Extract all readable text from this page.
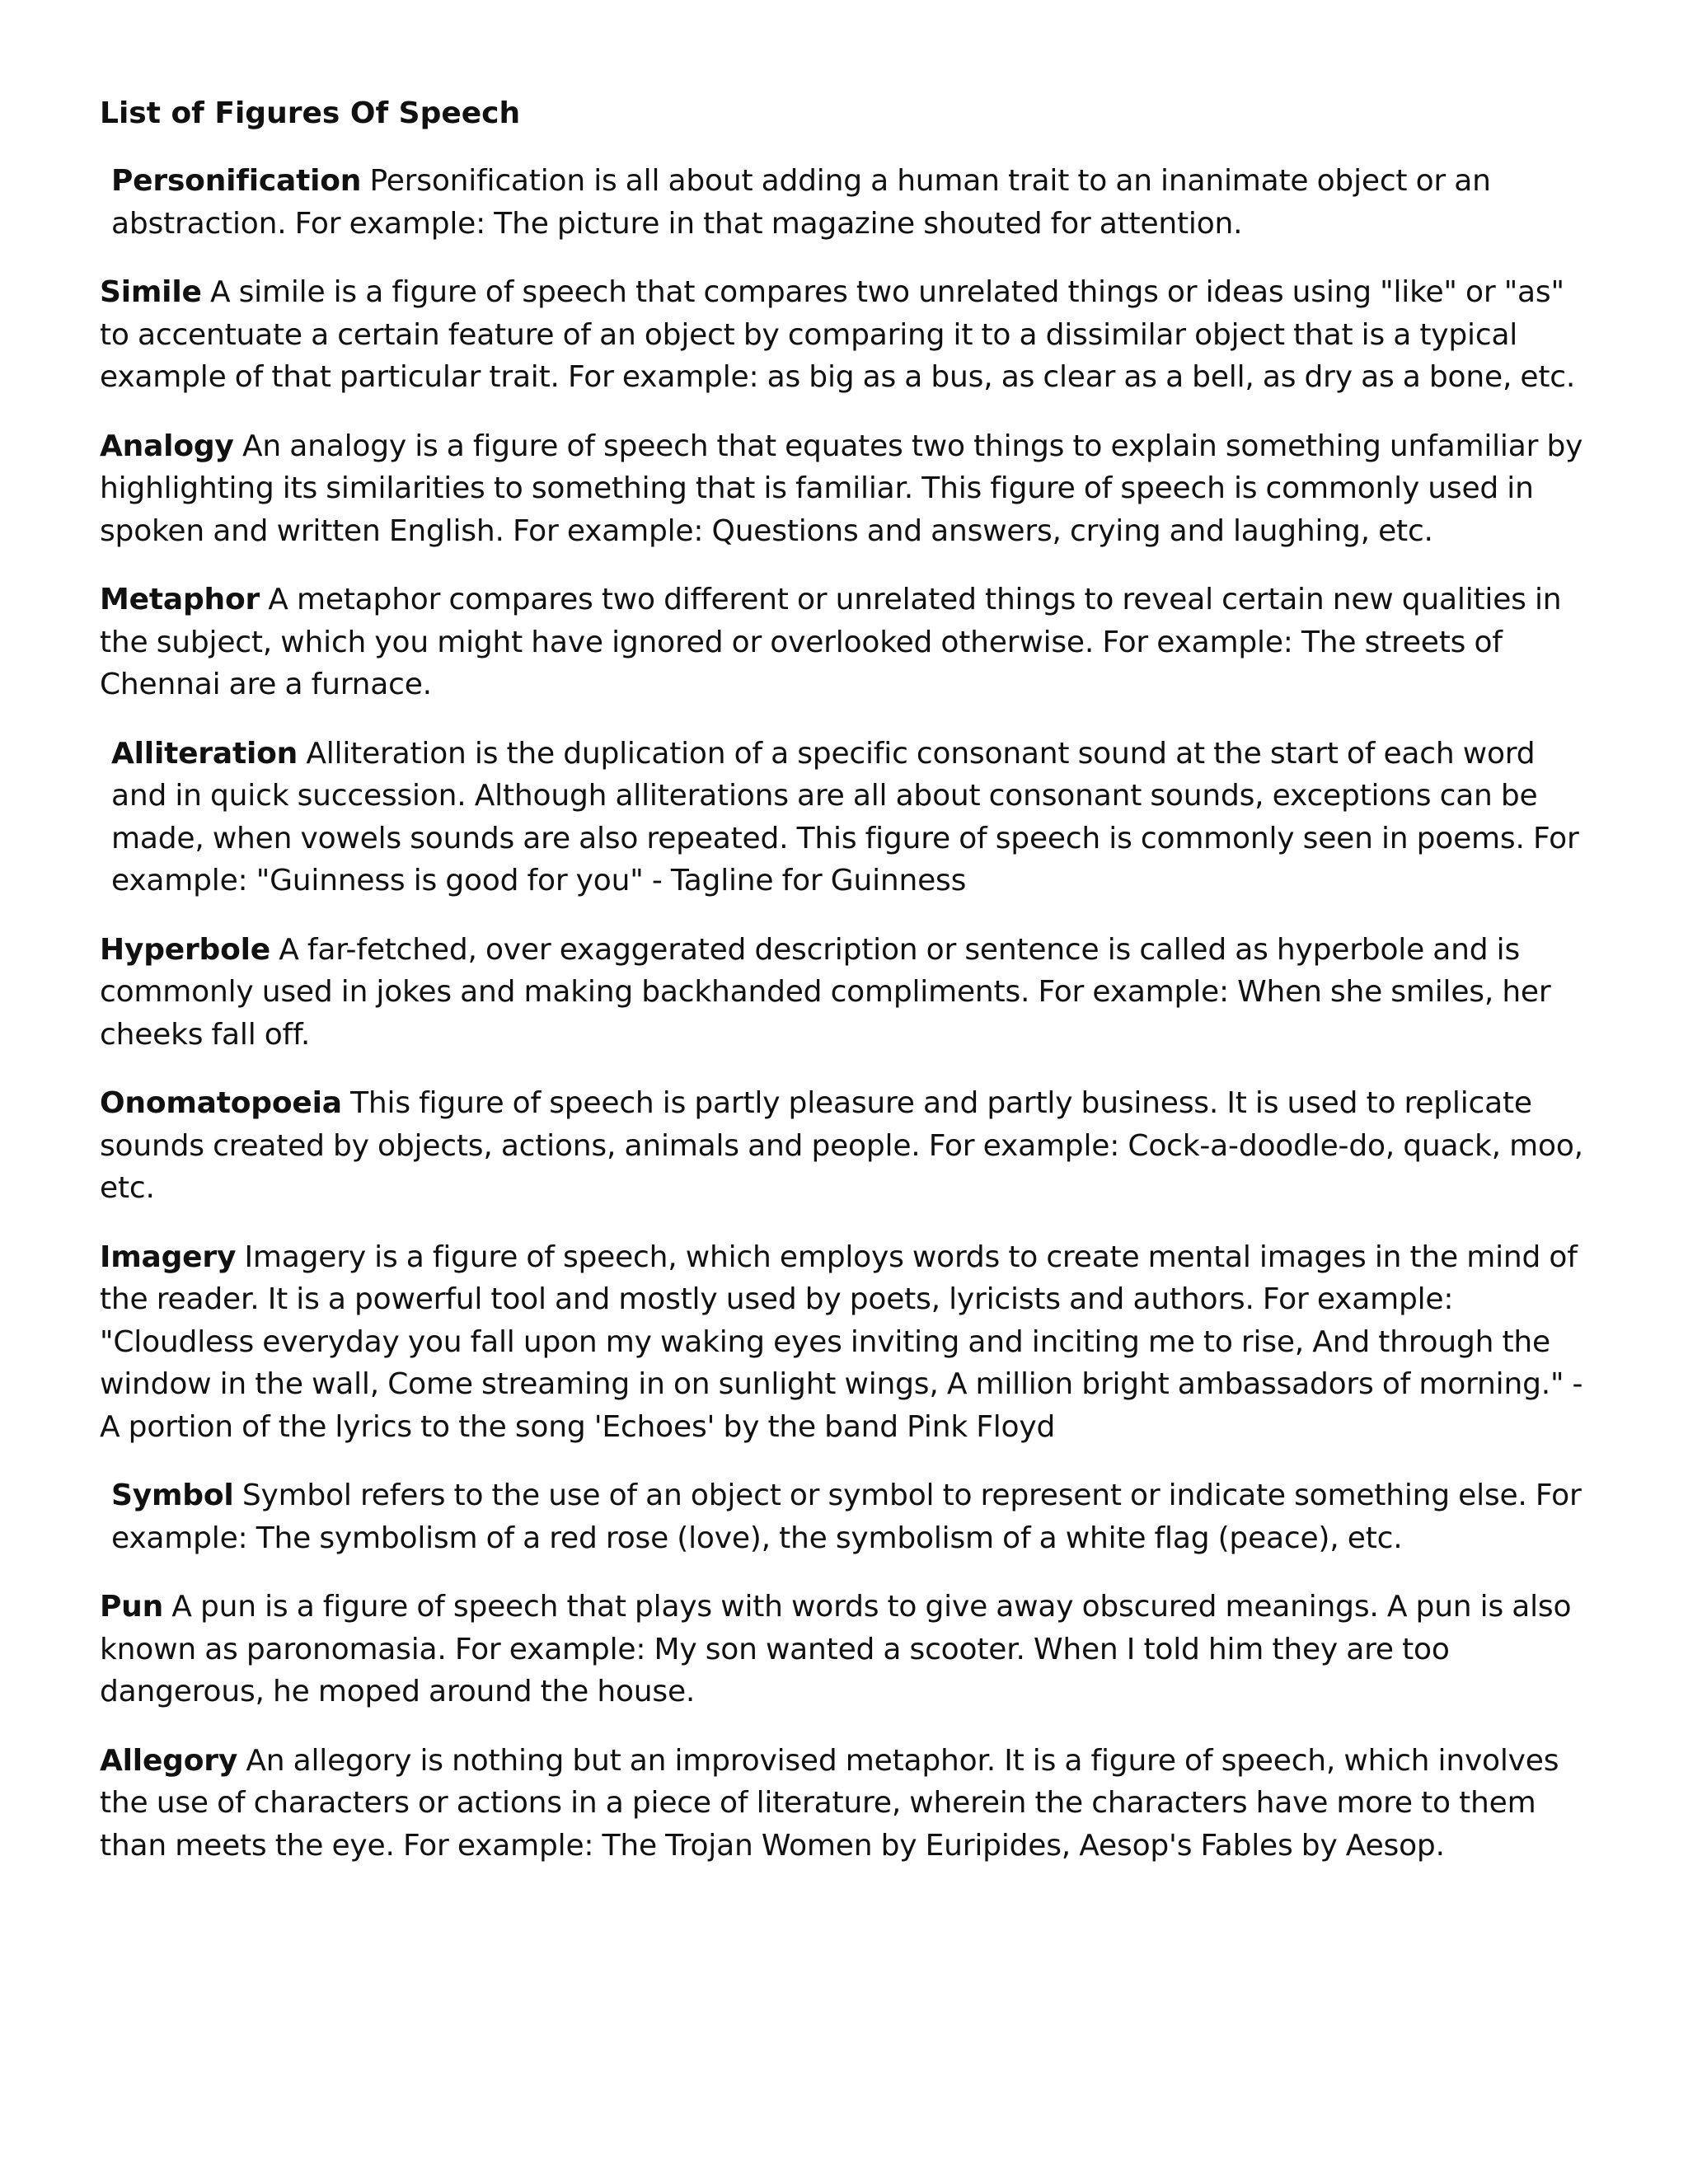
List of Figures Of Speech

Personification Personification is all about adding a human trait to an inanimate object or an abstraction. For example: The picture in that magazine shouted for attention.

Simile A simile is a figure of speech that compares two unrelated things or ideas using "like" or "as" to accentuate a certain feature of an object by comparing it to a dissimilar object that is a typical example of that particular trait. For example: as big as a bus, as clear as a bell, as dry as a bone, etc.

Analogy An analogy is a figure of speech that equates two things to explain something unfamiliar by highlighting its similarities to something that is familiar. This figure of speech is commonly used in spoken and written English. For example: Questions and answers, crying and laughing, etc.

Metaphor A metaphor compares two different or unrelated things to reveal certain new qualities in the subject, which you might have ignored or overlooked otherwise. For example: The streets of Chennai are a furnace.

Alliteration Alliteration is the duplication of a specific consonant sound at the start of each word and in quick succession. Although alliterations are all about consonant sounds, exceptions can be made, when vowels sounds are also repeated. This figure of speech is commonly seen in poems. For example: "Guinness is good for you" - Tagline for Guinness

Hyperbole A far-fetched, over exaggerated description or sentence is called as hyperbole and is commonly used in jokes and making backhanded compliments. For example: When she smiles, her cheeks fall off.

Onomatopoeia This figure of speech is partly pleasure and partly business. It is used to replicate sounds created by objects, actions, animals and people. For example: Cock-a-doodle-do, quack, moo, etc.

Imagery Imagery is a figure of speech, which employs words to create mental images in the mind of the reader. It is a powerful tool and mostly used by poets, lyricists and authors. For example: "Cloudless everyday you fall upon my waking eyes inviting and inciting me to rise, And through the window in the wall, Come streaming in on sunlight wings, A million bright ambassadors of morning." - A portion of the lyrics to the song 'Echoes' by the band Pink Floyd

Symbol Symbol refers to the use of an object or symbol to represent or indicate something else. For example: The symbolism of a red rose (love), the symbolism of a white flag (peace), etc.

Pun A pun is a figure of speech that plays with words to give away obscured meanings. A pun is also known as paronomasia. For example: My son wanted a scooter. When I told him they are too dangerous, he moped around the house.

Allegory An allegory is nothing but an improvised metaphor. It is a figure of speech, which involves the use of characters or actions in a piece of literature, wherein the characters have more to them than meets the eye. For example: The Trojan Women by Euripides, Aesop's Fables by Aesop.
